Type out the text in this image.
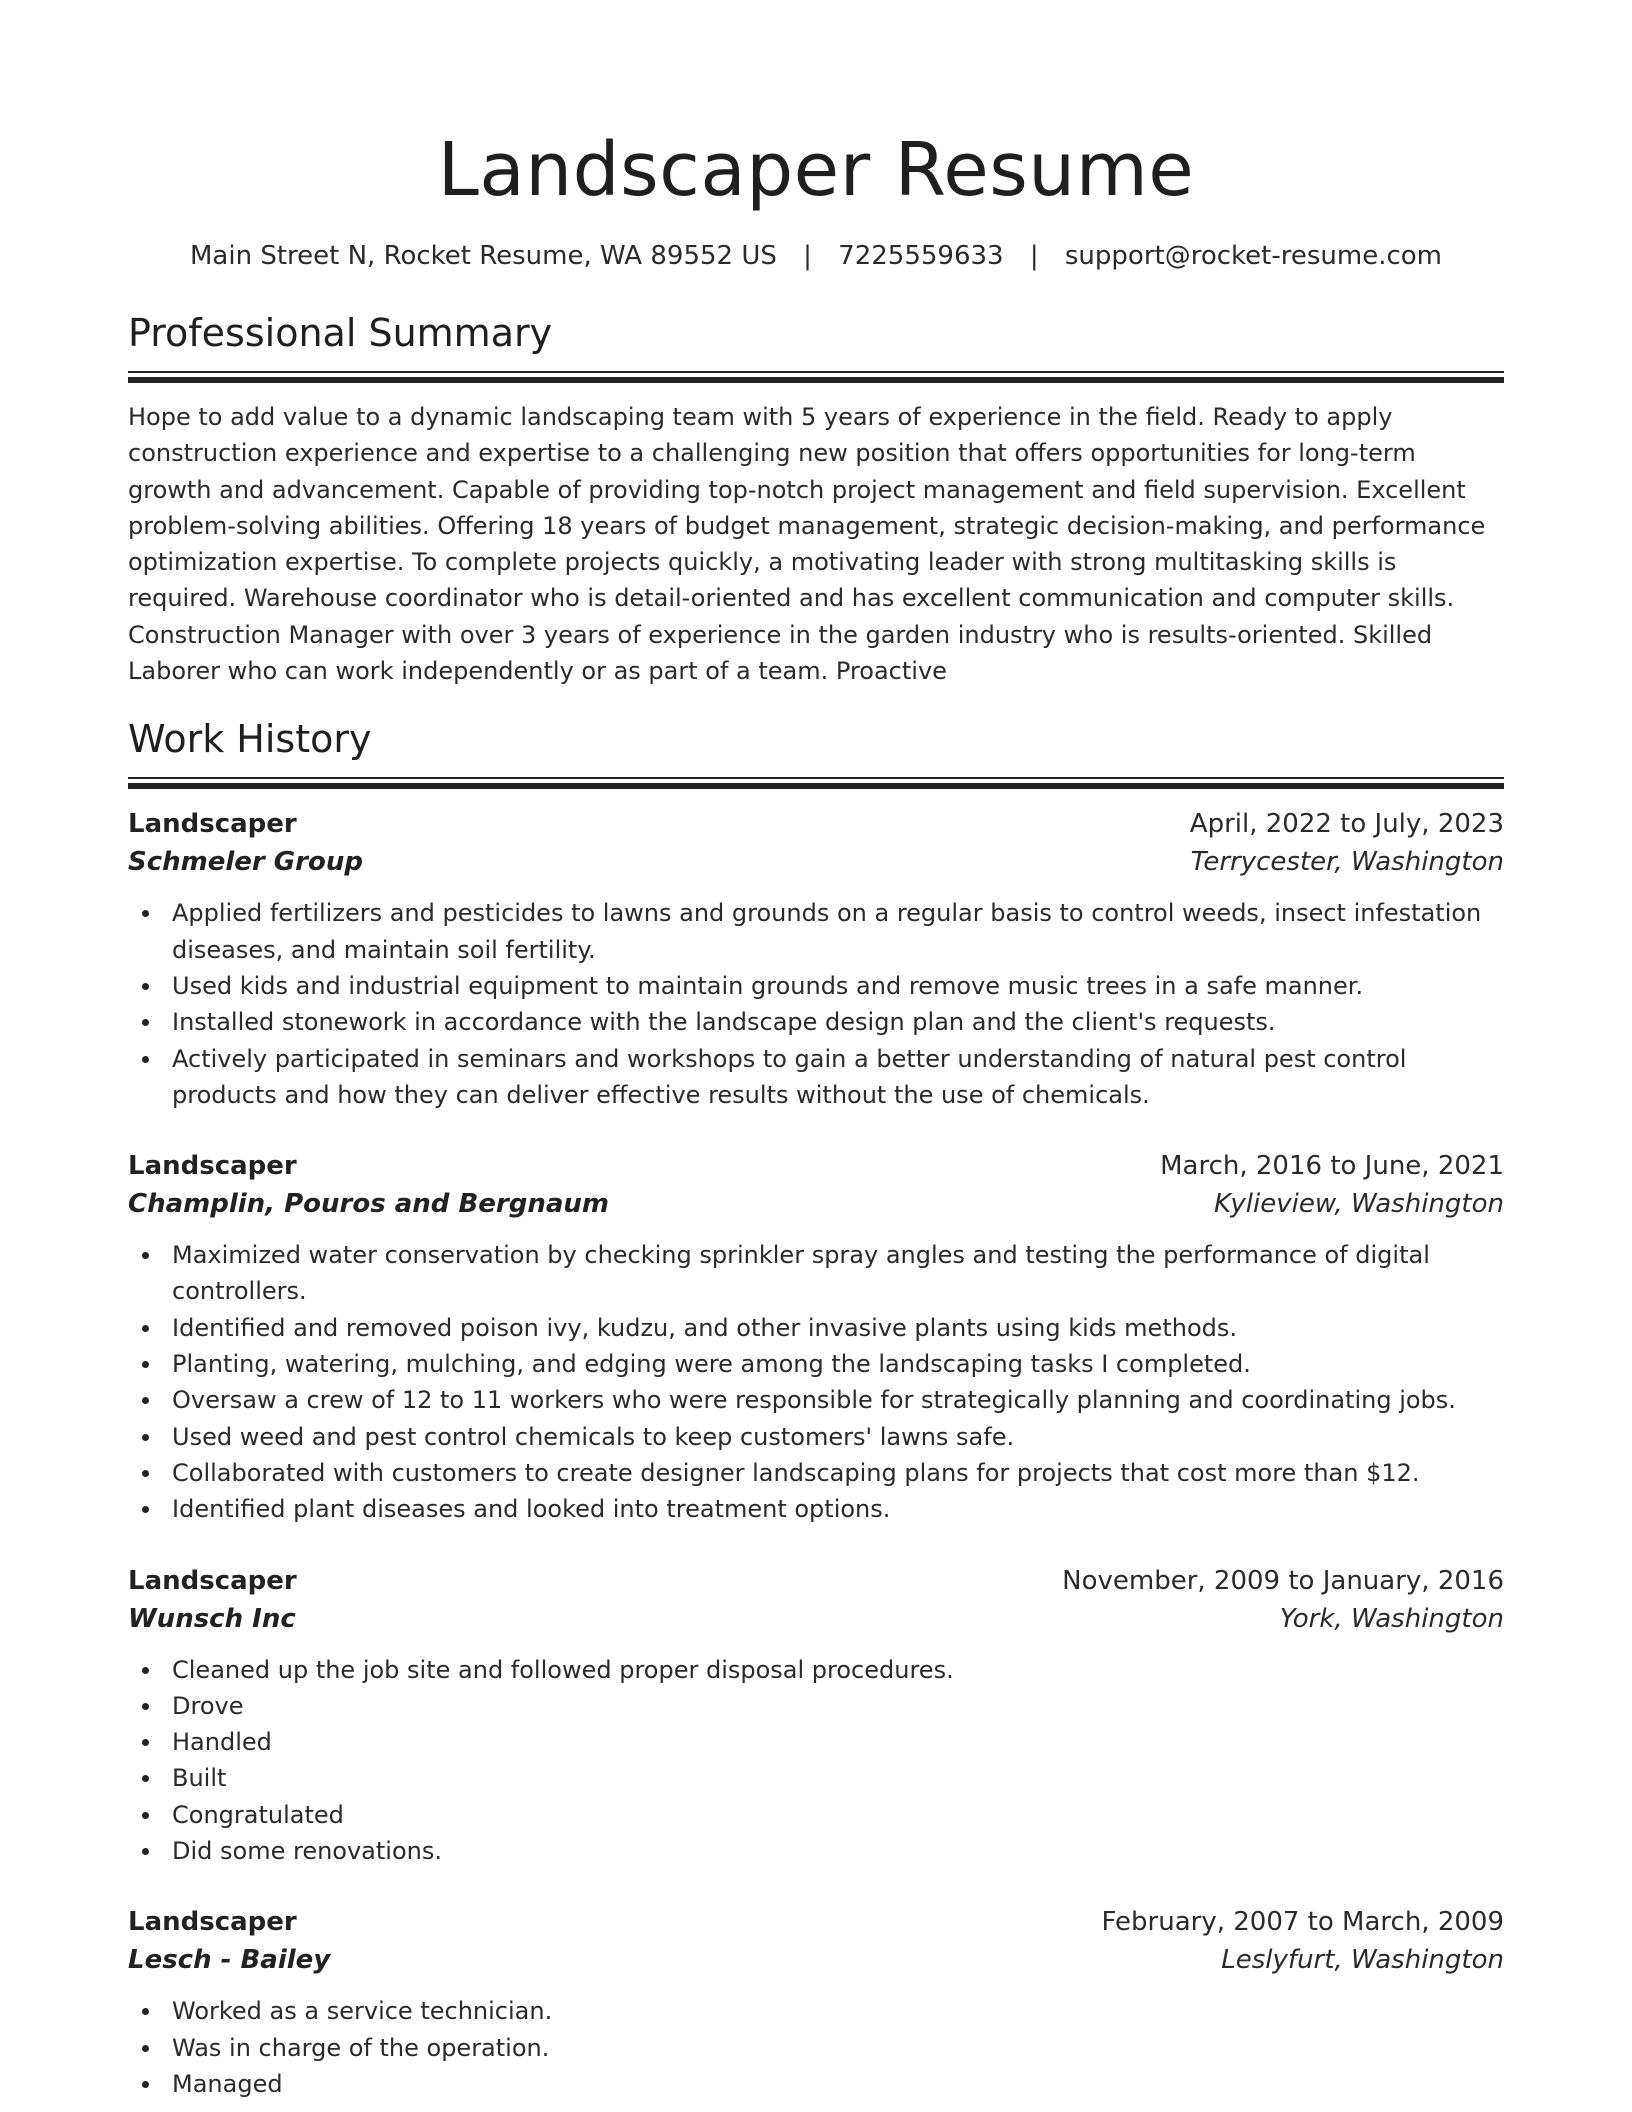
Landscaper Resume
Main Street N, Rocket Resume, WA 89552 US | 7225559633 | support@rocket-resume.com
Professional Summary

Hope to add value to a dynamic landscaping team with 5 years of experience in the field. Ready to apply construction experience and expertise to a challenging new position that offers opportunities for long-term growth and advancement. Capable of providing top-notch project management and field supervision. Excellent problem-solving abilities. Offering 18 years of budget management, strategic decision-making, and performance optimization expertise. To complete projects quickly, a motivating leader with strong multitasking skills is required. Warehouse coordinator who is detail-oriented and has excellent communication and computer skills. Construction Manager with over 3 years of experience in the garden industry who is results-oriented. Skilled Laborer who can work independently or as part of a team. Proactive

Work History
Landscaper	April, 2022 to July, 2023
Schmeler Group	Terrycester, Washington
Applied fertilizers and pesticides to lawns and grounds on a regular basis to control weeds, insect infestation diseases, and maintain soil fertility.
Used kids and industrial equipment to maintain grounds and remove music trees in a safe manner.
Installed stonework in accordance with the landscape design plan and the client's requests.
Actively participated in seminars and workshops to gain a better understanding of natural pest control products and how they can deliver effective results without the use of chemicals.
Landscaper	March, 2016 to June, 2021
Champlin, Pouros and Bergnaum	Kylieview, Washington
Maximized water conservation by checking sprinkler spray angles and testing the performance of digital controllers.
Identified and removed poison ivy, kudzu, and other invasive plants using kids methods.
Planting, watering, mulching, and edging were among the landscaping tasks I completed.
Oversaw a crew of 12 to 11 workers who were responsible for strategically planning and coordinating jobs.
Used weed and pest control chemicals to keep customers' lawns safe.
Collaborated with customers to create designer landscaping plans for projects that cost more than $12.
Identified plant diseases and looked into treatment options.
Landscaper	November, 2009 to January, 2016
Wunsch Inc	York, Washington
Cleaned up the job site and followed proper disposal procedures.
Drove
Handled
Built
Congratulated
Did some renovations.
Landscaper	February, 2007 to March, 2009
Lesch - Bailey	Leslyfurt, Washington
Worked as a service technician.
Was in charge of the operation.
Managed
